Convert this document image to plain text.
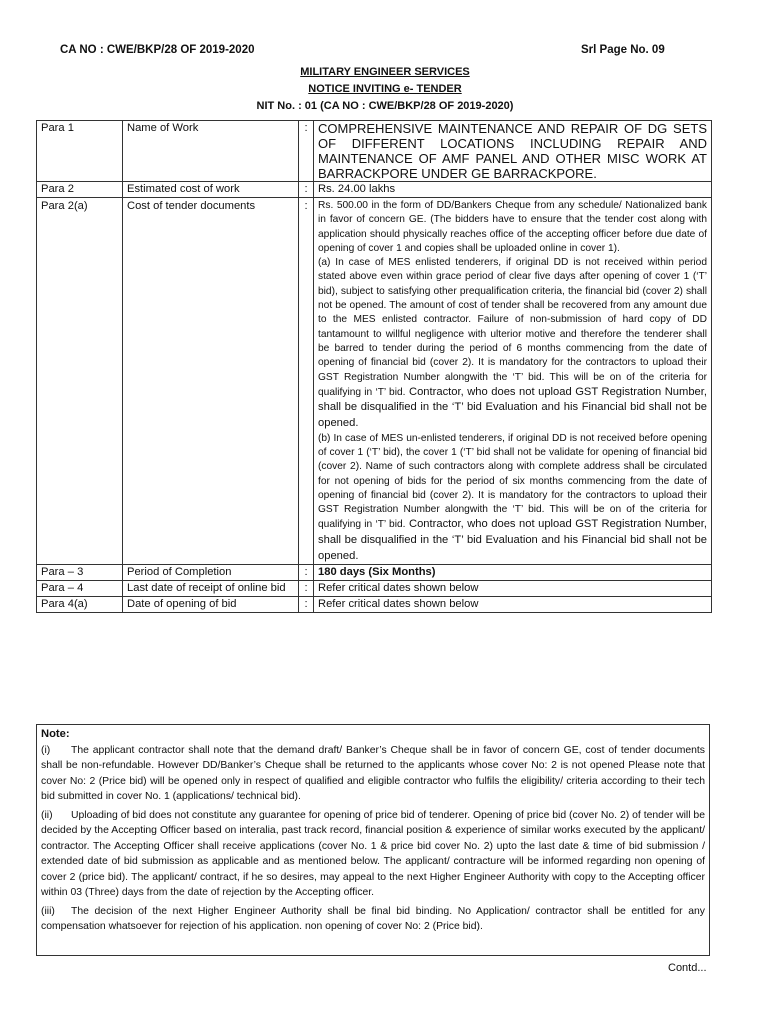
CA NO : CWE/BKP/28 OF 2019-2020	Srl Page No. 09
MILITARY ENGINEER SERVICES
NOTICE INVITING e- TENDER
NIT No. : 01 (CA NO : CWE/BKP/28 OF 2019-2020)
Para 1	Name of Work	:	COMPREHENSIVE MAINTENANCE AND REPAIR OF DG SETS OF DIFFERENT LOCATIONS INCLUDING REPAIR AND MAINTENANCE OF AMF PANEL AND OTHER MISC WORK AT BARRACKPORE UNDER GE BARRACKPORE.
Para 2	Estimated cost of work	:	Rs. 24.00 lakhs
Para 2(a)	Cost of tender documents	:	Rs. 500.00 in the form of DD/Bankers Cheque from any schedule/ Nationalized bank in favor of concern GE. (The bidders have to ensure that the tender cost along with application should physically reaches office of the accepting officer before due date of opening of cover 1 and copies shall be uploaded online in cover 1).
(a) In case of MES enlisted tenderers, if original DD is not received within period stated above even within grace period of clear five days after opening of cover 1 (‘T’ bid), subject to satisfying other prequalification criteria, the financial bid (cover 2) shall not be opened. The amount of cost of tender shall be recovered from any amount due to the MES enlisted contractor. Failure of non-submission of hard copy of DD tantamount to willful negligence with ulterior motive and therefore the tenderer shall be barred to tender during the period of 6 months commencing from the date of opening of financial bid (cover 2). It is mandatory for the contractors to upload their GST Registration Number alongwith the ‘T’ bid. This will be on of the criteria for qualifying in ‘T’ bid. Contractor, who does not upload GST Registration Number, shall be disqualified in the ‘T’ bid Evaluation and his Financial bid shall not be opened.
(b) In case of MES un-enlisted tenderers, if original DD is not received before opening of cover 1 (‘T’ bid), the cover 1 (‘T’ bid shall not be validate for opening of financial bid (cover 2). Name of such contractors along with complete address shall be circulated for not opening of bids for the period of six months commencing from the date of opening of financial bid (cover 2). It is mandatory for the contractors to upload their GST Registration Number alongwith the ‘T’ bid. This will be on of the criteria for qualifying in ‘T’ bid. Contractor, who does not upload GST Registration Number, shall be disqualified in the ‘T’ bid Evaluation and his Financial bid shall not be opened.

Para – 3	Period of Completion	:	180 days (Six Months)
Para – 4	Last date of receipt of online bid	:	Refer critical dates shown below
Para 4(a)	Date of opening of bid	:	Refer critical dates shown below
Note:

(i) The applicant contractor shall note that the demand draft/ Banker’s Cheque shall be in favor of concern GE, cost of tender documents shall be non-refundable. However DD/Banker’s Cheque shall be returned to the applicants whose cover No: 2 is not opened Please note that cover No: 2 (Price bid) will be opened only in respect of qualified and eligible contractor who fulfils the eligibility/ criteria according to their tech bid submitted in cover No. 1 (applications/ technical bid).

(ii) Uploading of bid does not constitute any guarantee for opening of price bid of tenderer. Opening of price bid (cover No. 2) of tender will be decided by the Accepting Officer based on interalia, past track record, financial position & experience of similar works executed by the applicant/ contractor. The Accepting Officer shall receive applications (cover No. 1 & price bid cover No. 2) upto the last date & time of bid submission / extended date of bid submission as applicable and as mentioned below. The applicant/ contracture will be informed regarding non opening of cover 2 (price bid). The applicant/ contract, if he so desires, may appeal to the next Higher Engineer Authority with copy to the Accepting officer within 03 (Three) days from the date of rejection by the Accepting officer.

(iii) The decision of the next Higher Engineer Authority shall be final bid binding. No Application/ contractor shall be entitled for any compensation whatsoever for rejection of his application. non opening of cover No: 2 (Price bid).

Contd...
